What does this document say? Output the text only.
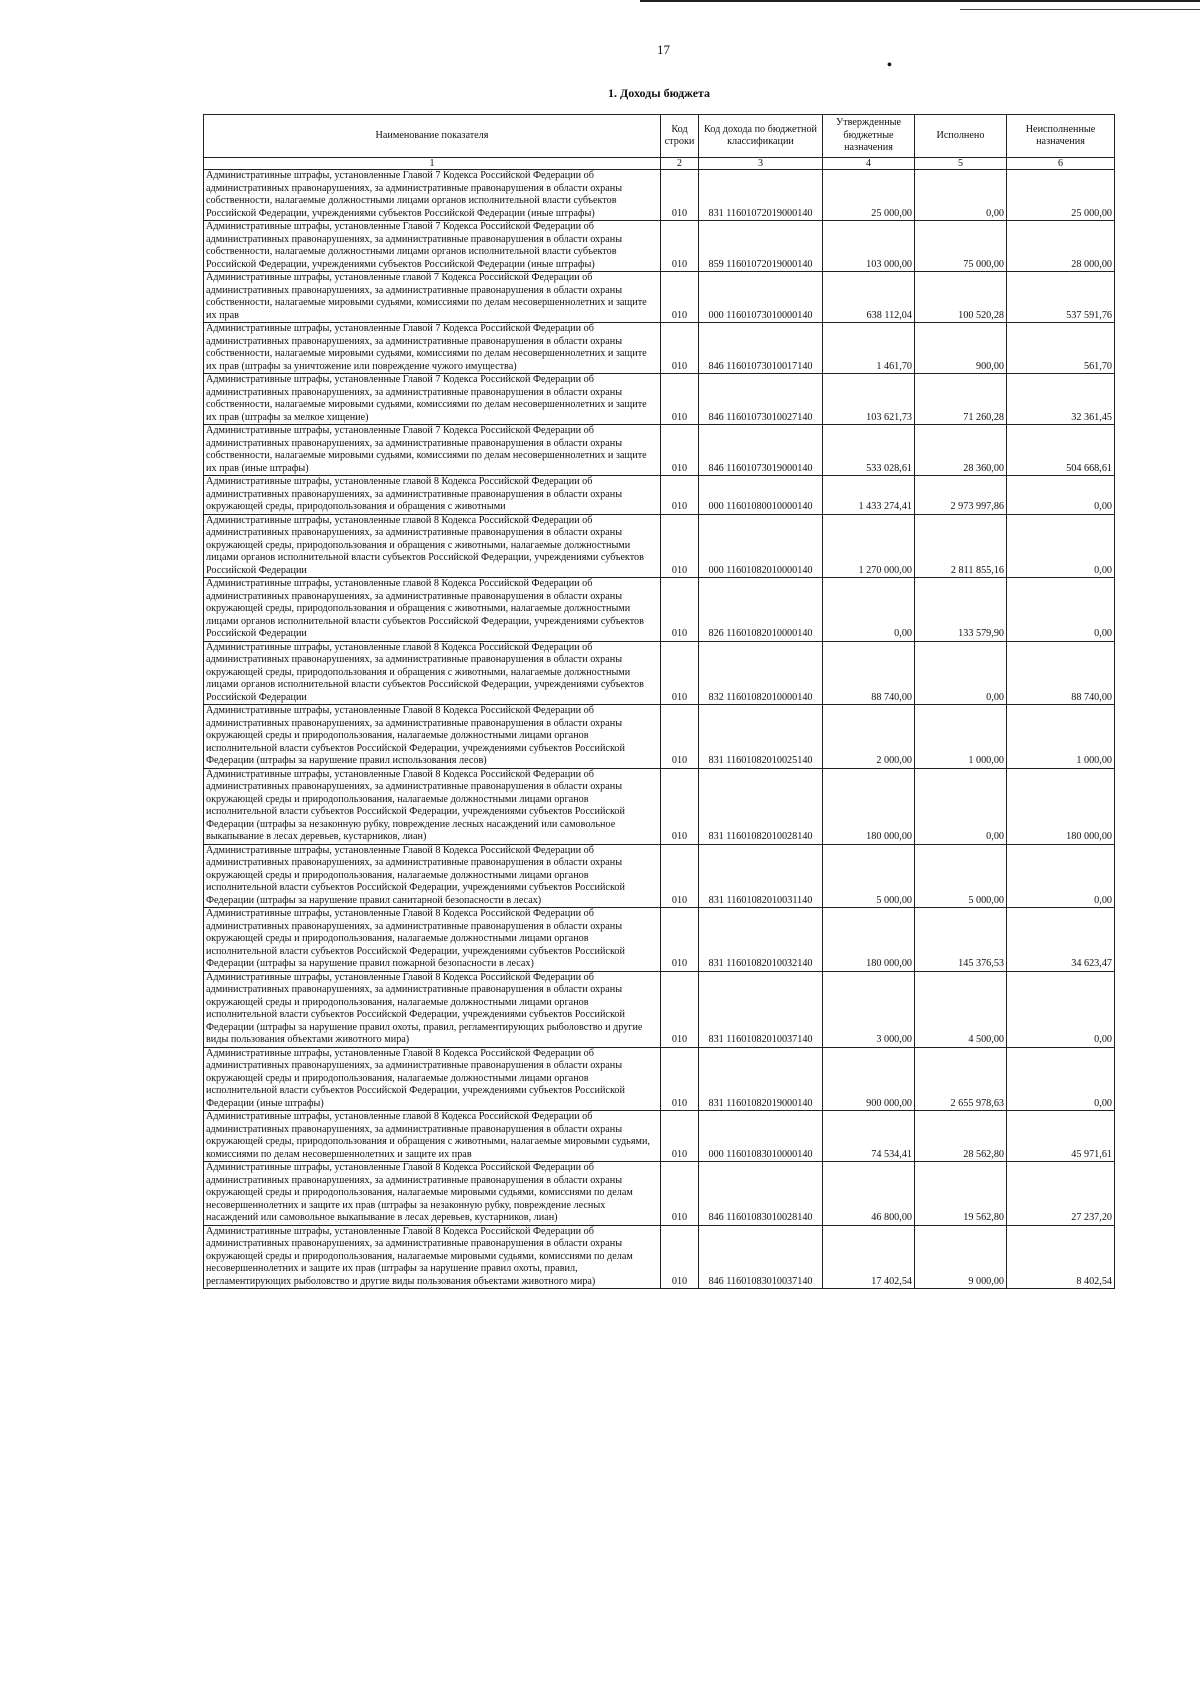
17
•
1. Доходы бюджета
Наименование показателя	Код строки	Код дохода по бюджетной классификации	Утвержденные бюджетные назначения	Исполнено	Неисполненные назначения
1	2	3	4	5	6
Административные штрафы, установленные Главой 7 Кодекса Российской Федерации об административных правонарушениях, за административные правонарушения в области охраны собственности, налагаемые должностными лицами органов исполнительной власти субъектов Российской Федерации, учреждениями субъектов Российской Федерации (иные штрафы)	010	831 11601072019000140	25 000,00	0,00	25 000,00
Административные штрафы, установленные Главой 7 Кодекса Российской Федерации об административных правонарушениях, за административные правонарушения в области охраны собственности, налагаемые должностными лицами органов исполнительной власти субъектов Российской Федерации, учреждениями субъектов Российской Федерации (иные штрафы)	010	859 11601072019000140	103 000,00	75 000,00	28 000,00
Административные штрафы, установленные главой 7 Кодекса Российской Федерации об административных правонарушениях, за административные правонарушения в области охраны собственности, налагаемые мировыми судьями, комиссиями по делам несовершеннолетних и защите их прав	010	000 11601073010000140	638 112,04	100 520,28	537 591,76
Административные штрафы, установленные Главой 7 Кодекса Российской Федерации об административных правонарушениях, за административные правонарушения в области охраны собственности, налагаемые мировыми судьями, комиссиями по делам несовершеннолетних и защите их прав (штрафы за уничтожение или повреждение чужого имущества)	010	846 11601073010017140	1 461,70	900,00	561,70
Административные штрафы, установленные Главой 7 Кодекса Российской Федерации об административных правонарушениях, за административные правонарушения в области охраны собственности, налагаемые мировыми судьями, комиссиями по делам несовершеннолетних и защите их прав (штрафы за мелкое хищение)	010	846 11601073010027140	103 621,73	71 260,28	32 361,45
Административные штрафы, установленные Главой 7 Кодекса Российской Федерации об административных правонарушениях, за административные правонарушения в области охраны собственности, налагаемые мировыми судьями, комиссиями по делам несовершеннолетних и защите их прав (иные штрафы)	010	846 11601073019000140	533 028,61	28 360,00	504 668,61
Административные штрафы, установленные главой 8 Кодекса Российской Федерации об административных правонарушениях, за административные правонарушения в области охраны окружающей среды, природопользования и обращения с животными	010	000 11601080010000140	1 433 274,41	2 973 997,86	0,00
Административные штрафы, установленные главой 8 Кодекса Российской Федерации об административных правонарушениях, за административные правонарушения в области охраны окружающей среды, природопользования и обращения с животными, налагаемые должностными лицами органов исполнительной власти субъектов Российской Федерации, учреждениями субъектов Российской Федерации	010	000 11601082010000140	1 270 000,00	2 811 855,16	0,00
Административные штрафы, установленные главой 8 Кодекса Российской Федерации об административных правонарушениях, за административные правонарушения в области охраны окружающей среды, природопользования и обращения с животными, налагаемые должностными лицами органов исполнительной власти субъектов Российской Федерации, учреждениями субъектов Российской Федерации	010	826 11601082010000140	0,00	133 579,90	0,00
Административные штрафы, установленные главой 8 Кодекса Российской Федерации об административных правонарушениях, за административные правонарушения в области охраны окружающей среды, природопользования и обращения с животными, налагаемые должностными лицами органов исполнительной власти субъектов Российской Федерации, учреждениями субъектов Российской Федерации	010	832 11601082010000140	88 740,00	0,00	88 740,00
Административные штрафы, установленные Главой 8 Кодекса Российской Федерации об административных правонарушениях, за административные правонарушения в области охраны окружающей среды и природопользования, налагаемые должностными лицами органов исполнительной власти субъектов Российской Федерации, учреждениями субъектов Российской Федерации (штрафы за нарушение правил использования лесов)	010	831 11601082010025140	2 000,00	1 000,00	1 000,00
Административные штрафы, установленные Главой 8 Кодекса Российской Федерации об административных правонарушениях, за административные правонарушения в области охраны окружающей среды и природопользования, налагаемые должностными лицами органов исполнительной власти субъектов Российской Федерации, учреждениями субъектов Российской Федерации (штрафы за незаконную рубку, повреждение лесных насаждений или самовольное выкапывание в лесах деревьев, кустарников, лиан)	010	831 11601082010028140	180 000,00	0,00	180 000,00
Административные штрафы, установленные Главой 8 Кодекса Российской Федерации об административных правонарушениях, за административные правонарушения в области охраны окружающей среды и природопользования, налагаемые должностными лицами органов исполнительной власти субъектов Российской Федерации, учреждениями субъектов Российской Федерации (штрафы за нарушение правил санитарной безопасности в лесах)	010	831 11601082010031140	5 000,00	5 000,00	0,00
Административные штрафы, установленные Главой 8 Кодекса Российской Федерации об административных правонарушениях, за административные правонарушения в области охраны окружающей среды и природопользования, налагаемые должностными лицами органов исполнительной власти субъектов Российской Федерации, учреждениями субъектов Российской Федерации (штрафы за нарушение правил пожарной безопасности в лесах)	010	831 11601082010032140	180 000,00	145 376,53	34 623,47
Административные штрафы, установленные Главой 8 Кодекса Российской Федерации об административных правонарушениях, за административные правонарушения в области охраны окружающей среды и природопользования, налагаемые должностными лицами органов исполнительной власти субъектов Российской Федерации, учреждениями субъектов Российской Федерации (штрафы за нарушение правил охоты, правил, регламентирующих рыболовство и другие виды пользования объектами животного мира)	010	831 11601082010037140	3 000,00	4 500,00	0,00
Административные штрафы, установленные Главой 8 Кодекса Российской Федерации об административных правонарушениях, за административные правонарушения в области охраны окружающей среды и природопользования, налагаемые должностными лицами органов исполнительной власти субъектов Российской Федерации, учреждениями субъектов Российской Федерации (иные штрафы)	010	831 11601082019000140	900 000,00	2 655 978,63	0,00
Административные штрафы, установленные главой 8 Кодекса Российской Федерации об административных правонарушениях, за административные правонарушения в области охраны окружающей среды, природопользования и обращения с животными, налагаемые мировыми судьями, комиссиями по делам несовершеннолетних и защите их прав	010	000 11601083010000140	74 534,41	28 562,80	45 971,61
Административные штрафы, установленные Главой 8 Кодекса Российской Федерации об административных правонарушениях, за административные правонарушения в области охраны окружающей среды и природопользования, налагаемые мировыми судьями, комиссиями по делам несовершеннолетних и защите их прав (штрафы за незаконную рубку, повреждение лесных насаждений или самовольное выкапывание в лесах деревьев, кустарников, лиан)	010	846 11601083010028140	46 800,00	19 562,80	27 237,20
Административные штрафы, установленные Главой 8 Кодекса Российской Федерации об административных правонарушениях, за административные правонарушения в области охраны окружающей среды и природопользования, налагаемые мировыми судьями, комиссиями по делам несовершеннолетних и защите их прав (штрафы за нарушение правил охоты, правил, регламентирующих рыболовство и другие виды пользования объектами животного мира)	010	846 11601083010037140	17 402,54	9 000,00	8 402,54
